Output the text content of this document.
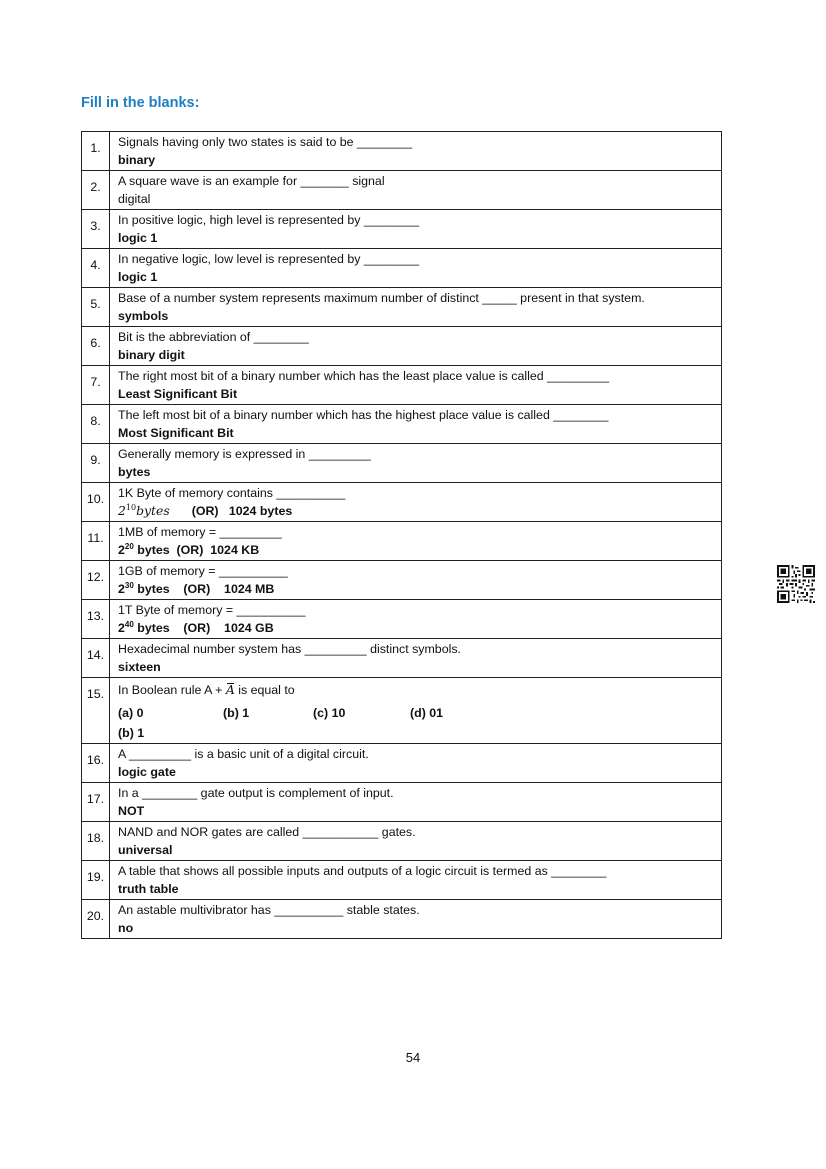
Fill in the blanks:
1.	Signals having only two states is said to be ________
binary

2.	A square wave is an example for _______ signal
digital

3.	In positive logic, high level is represented by ________
logic 1

4.	In negative logic, low level is represented by ________
logic 1

5.	Base of a number system represents maximum number of distinct _____ present in that system.
symbols

6.	Bit is the abbreviation of ________
binary digit

7.	The right most bit of a binary number which has the least place value is called _________
Least Significant Bit

8.	The left most bit of a binary number which has the highest place value is called ________
Most Significant Bit

9.	Generally memory is expressed in _________
bytes

10.	1K Byte of memory contains __________
$2^{10}bytes$ (OR) 1024 bytes

11.	1MB of memory = _________
$2^{20}$ bytes (OR) 1024 KB

12.	1GB of memory = __________
$2^{30}$ bytes (OR) 1024 MB

13.	1T Byte of memory = __________
$2^{40}$ bytes (OR) 1024 GB

14.	Hexadecimal number system has _________ distinct symbols.
sixteen

15.	In Boolean rule A + A is equal to
(a) 0 (b) 1 (c) 10 (d) 01
(b) 1

16.	A _________ is a basic unit of a digital circuit.
logic gate

17.	In a ________ gate output is complement of input.
NOT

18.	NAND and NOR gates are called ___________ gates.
universal

19.	A table that shows all possible inputs and outputs of a logic circuit is termed as ________
truth table

20.	An astable multivibrator has __________ stable states.
no
54
